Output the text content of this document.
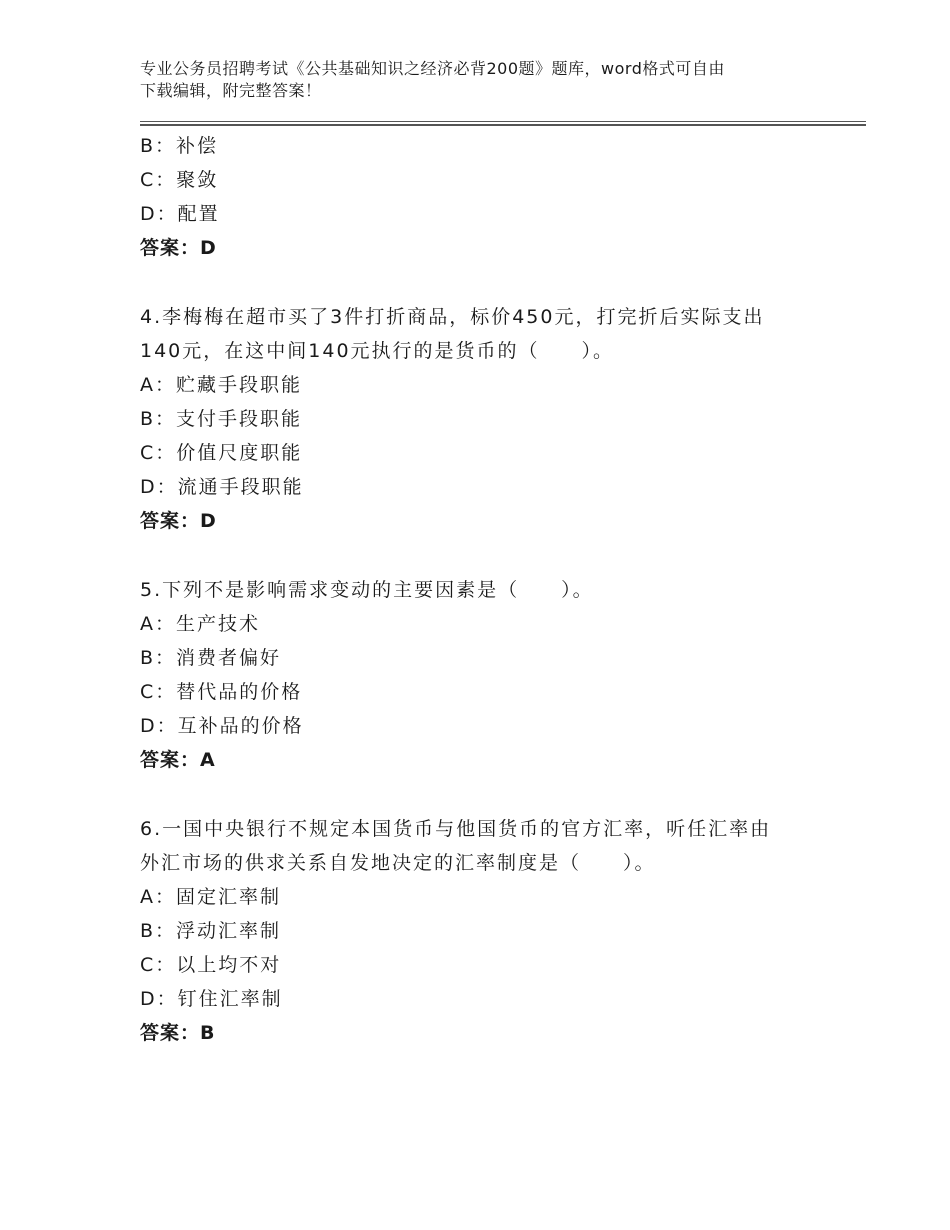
专业公务员招聘考试《公共基础知识之经济必背200题》题库，word格式可自由
下载编辑，附完整答案！
B：补偿
C：聚敛
D：配置
答案：D
4.李梅梅在超市买了3件打折商品，标价450元，打完折后实际支出
140元，在这中间140元执行的是货币的（　　）。
A：贮藏手段职能
B：支付手段职能
C：价值尺度职能
D：流通手段职能
答案：D
5.下列不是影响需求变动的主要因素是（　　）。
A：生产技术
B：消费者偏好
C：替代品的价格
D：互补品的价格
答案：A
6.一国中央银行不规定本国货币与他国货币的官方汇率，听任汇率由
外汇市场的供求关系自发地决定的汇率制度是（　　）。
A：固定汇率制
B：浮动汇率制
C：以上均不对
D：钉住汇率制
答案：B
